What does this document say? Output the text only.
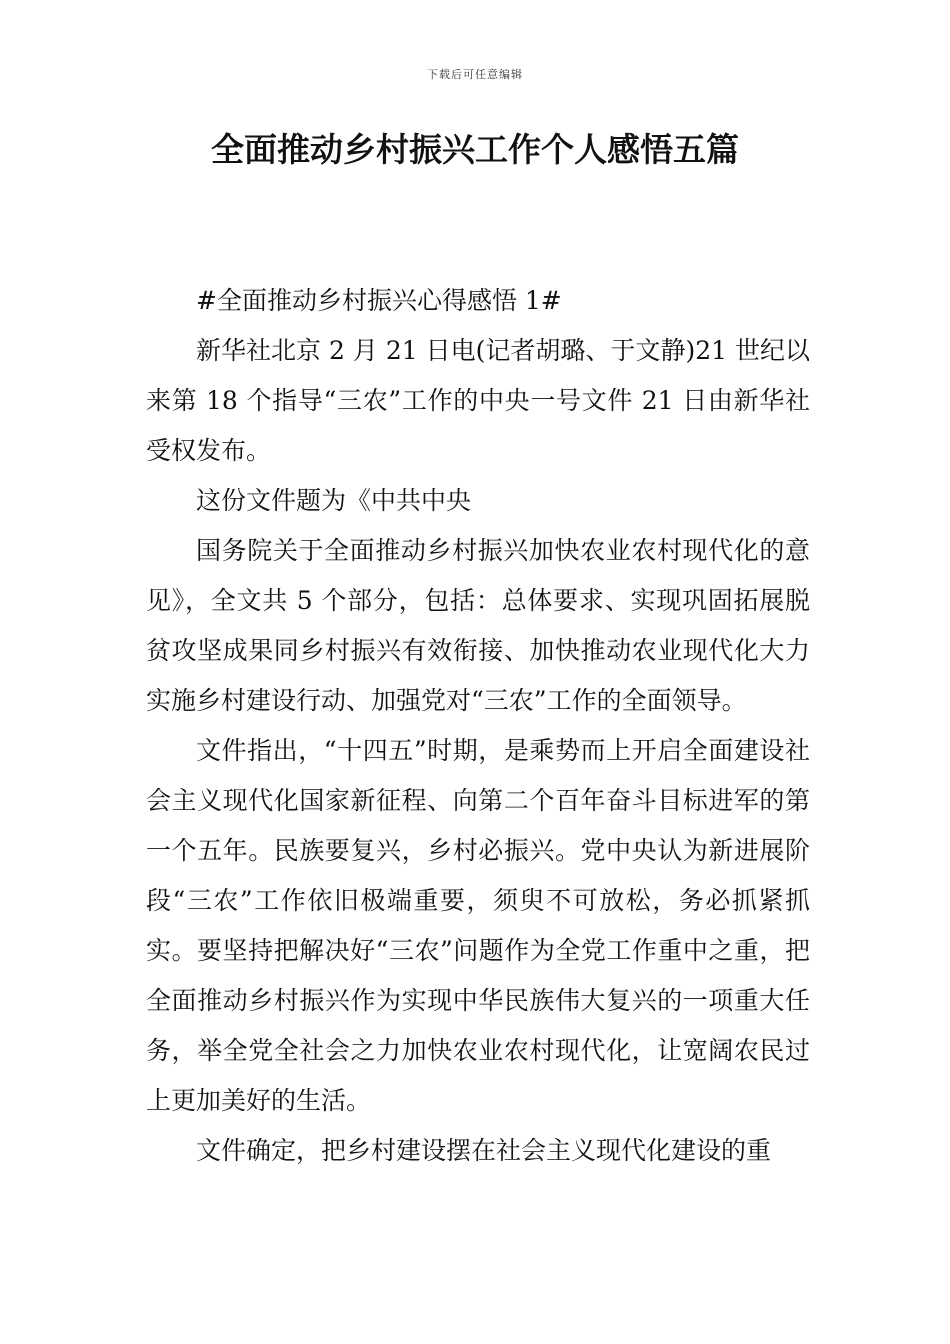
下载后可任意编辑
全面推动乡村振兴工作个人感悟五篇

#全面推动乡村振兴心得感悟 1#

新华社北京 2 月 21 日电(记者胡璐、于文静)21 世纪以来第 18 个指导“三农”工作的中央一号文件 21 日由新华社受权发布。

这份文件题为《中共中央

国务院关于全面推动乡村振兴加快农业农村现代化的意见》，全文共 5 个部分，包括：总体要求、实现巩固拓展脱贫攻坚成果同乡村振兴有效衔接、加快推动农业现代化大力实施乡村建设行动、加强党对“三农”工作的全面领导。

文件指出，“十四五”时期，是乘势而上开启全面建设社会主义现代化国家新征程、向第二个百年奋斗目标进军的第一个五年。民族要复兴，乡村必振兴。党中央认为新进展阶段“三农”工作依旧极端重要，须臾不可放松，务必抓紧抓实。要坚持把解决好“三农”问题作为全党工作重中之重，把全面推动乡村振兴作为实现中华民族伟大复兴的一项重大任务，举全党全社会之力加快农业农村现代化，让宽阔农民过上更加美好的生活。

文件确定，把乡村建设摆在社会主义现代化建设的重
